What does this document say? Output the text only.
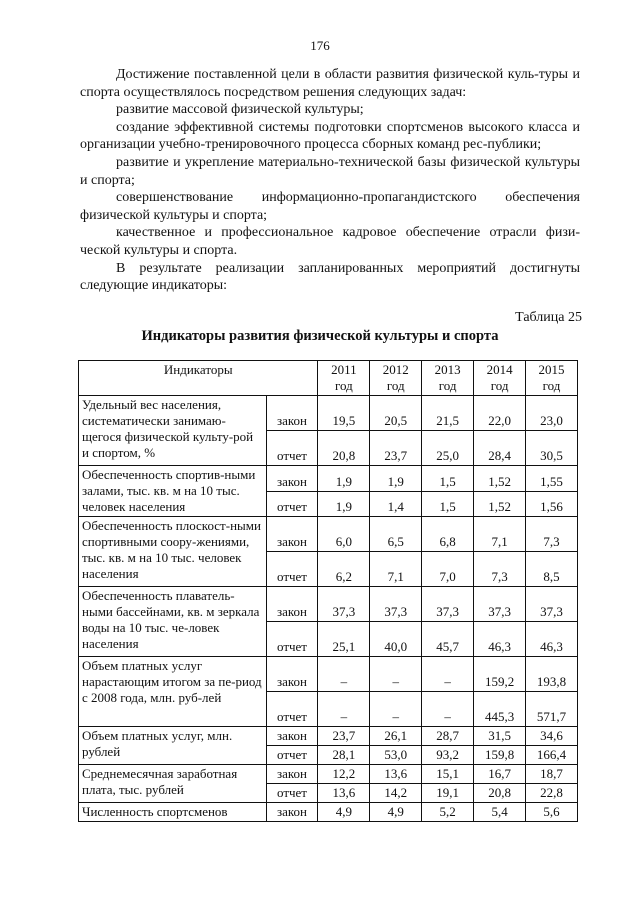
176

Достижение поставленной цели в области развития физической куль-туры и спорта осуществлялось посредством решения следующих задач:

развитие массовой физической культуры;

создание эффективной системы подготовки спортсменов высокого класса и организации учебно-тренировочного процесса сборных команд рес-публики;

развитие и укрепление материально-технической базы физической культуры и спорта;

совершенствование информационно-пропагандистского обеспечения физической культуры и спорта;

качественное и профессиональное кадровое обеспечение отрасли физи-ческой культуры и спорта.

В результате реализации запланированных мероприятий достигнуты следующие индикаторы:

Таблица 25
Индикаторы развития физической культуры и спорта
Индикаторы		2011 год	2012 год	2013 год	2014 год	2015 год
Удельный вес населения, систематически занимаю-щегося физической культу-рой и спортом, %	закон	19,5	20,5	21,5	22,0	23,0
	отчет	20,8	23,7	25,0	28,4	30,5
Обеспеченность спортив-ными залами, тыс. кв. м на 10 тыс. человек населения	закон	1,9	1,9	1,5	1,52	1,55
	отчет	1,9	1,4	1,5	1,52	1,56
Обеспеченность плоскост-ными спортивными соору-жениями, тыс. кв. м на 10 тыс. человек населения	закон	6,0	6,5	6,8	7,1	7,3
	отчет	6,2	7,1	7,0	7,3	8,5
Обеспеченность плаватель-ными бассейнами, кв. м зеркала воды на 10 тыс. че-ловек населения	закон	37,3	37,3	37,3	37,3	37,3
	отчет	25,1	40,0	45,7	46,3	46,3
Объем платных услуг нарастающим итогом за пе-риод с 2008 года, млн. руб-лей	закон	–	–	–	159,2	193,8
	отчет	–	–	–	445,3	571,7
Объем платных услуг, млн. рублей	закон	23,7	26,1	28,7	31,5	34,6
	отчет	28,1	53,0	93,2	159,8	166,4
Среднемесячная заработная плата, тыс. рублей	закон	12,2	13,6	15,1	16,7	18,7
	отчет	13,6	14,2	19,1	20,8	22,8
Численность спортсменов	закон	4,9	4,9	5,2	5,4	5,6
